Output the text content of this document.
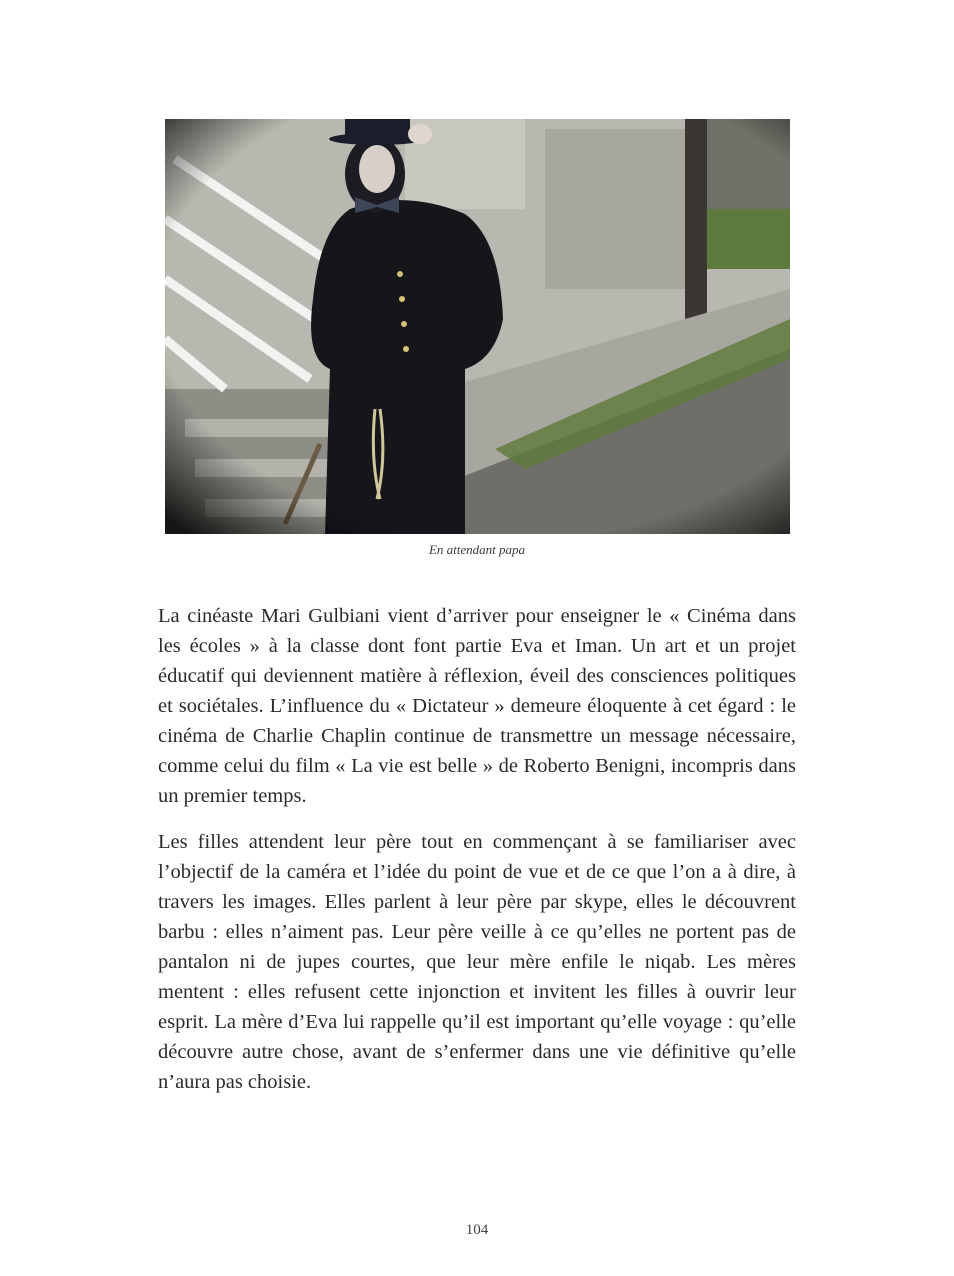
En attendant papa

La cinéaste Mari Gulbiani vient d’arriver pour enseigner le « Cinéma dans les écoles » à la classe dont font partie Eva et Iman. Un art et un projet éducatif qui deviennent matière à réflexion, éveil des consciences politiques et sociétales. L’influence du « Dictateur » demeure éloquente à cet égard : le cinéma de Charlie Chaplin continue de transmettre un message nécessaire, comme celui du film « La vie est belle » de Roberto Benigni, incompris dans un premier temps.

Les filles attendent leur père tout en commençant à se familiariser avec l’objectif de la caméra et l’idée du point de vue et de ce que l’on a à dire, à travers les images. Elles parlent à leur père par skype, elles le découvrent barbu : elles n’aiment pas. Leur père veille à ce qu’elles ne portent pas de pantalon ni de jupes courtes, que leur mère enfile le niqab. Les mères mentent : elles refusent cette injonction et invitent les filles à ouvrir leur esprit. La mère d’Eva lui rappelle qu’il est important qu’elle voyage : qu’elle découvre autre chose, avant de s’enfermer dans une vie définitive qu’elle n’aura pas choisie.

104
